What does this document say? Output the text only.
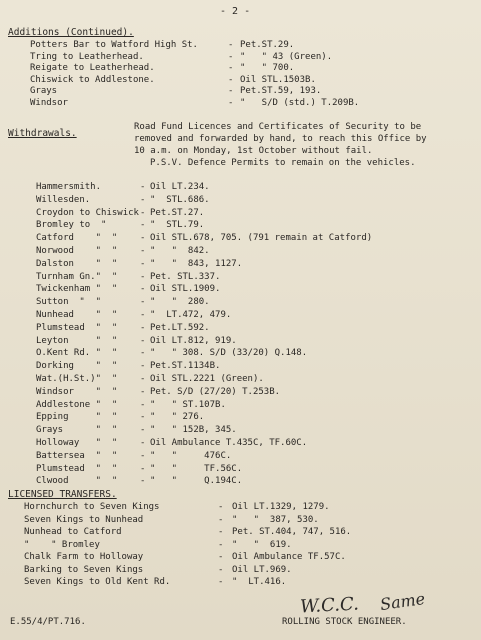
- 2 -
Additions (Continued).
Potters Bar to Watford High St.	- Pet.ST.29.
Tring to Leatherhead.	- "   " 43 (Green).
Reigate to Leatherhead.	- "   " 700.
Chiswick to Addlestone.	- Oil STL.1503B.
Grays	- Pet.ST.59, 193.
Windsor	- "   S/D (std.) T.209B.
Withdrawals.
Road Fund Licences and Certificates of Security to be
removed and forwarded by hand, to reach this Office by
10 a.m. on Monday, 1st October without fail.
P.S.V. Defence Permits to remain on the vehicles.
Hammersmith.	- Oil LT.234.
Willesden.	- "  STL.686.
Croydon to Chiswick - Pet.ST.27.
Bromley to  "	- "  STL.79.
Catford    "  "	- Oil STL.678, 705. (791 remain at Catford)
Norwood    "  "	- "   "  842.
Dalston    "  "	- "   "  843, 1127.
Turnham Gn."  "	- Pet. STL.337.
Twickenham "  "	- Oil STL.1909.
Sutton  "  "	- "   "  280.
Nunhead    "  "	- "  LT.472, 479.
Plumstead  "  "	- Pet.LT.592.
Leyton     "  "	- Oil LT.812, 919.
O.Kent Rd. "  "	- "   " 308. S/D (33/20) Q.148.
Dorking    "  "	- Pet.ST.1134B.
Wat.(H.St.)"  "	- Oil STL.2221 (Green).
Windsor    "  "	- Pet. S/D (27/20) T.253B.
Addlestone "  "	- "   " ST.107B.
Epping     "  "	- "   " 276.
Grays      "  "	- "   " 152B, 345.
Holloway   "  "	- Oil Ambulance T.435C, TF.60C.
Battersea  "  "	- "   "     476C.
Plumstead  "  "	- "   "     TF.56C.
Clwood     "  "	- "   "     Q.194C.
LICENSED TRANSFERS.
Hornchurch to Seven Kings	- Oil LT.1329, 1279.
Seven Kings to Nunhead	- "   "  387, 530.
Nunhead to Catford	- Pet. ST.404, 747, 516.
"    " Bromley	- "   "  619.
Chalk Farm to Holloway	- Oil Ambulance TF.57C.
Barking to Seven Kings	- Oil LT.969.
Seven Kings to Old Kent Rd.	- "  LT.416.
E.55/4/PT.716.
W.C.C. Same
ROLLING STOCK ENGINEER.
